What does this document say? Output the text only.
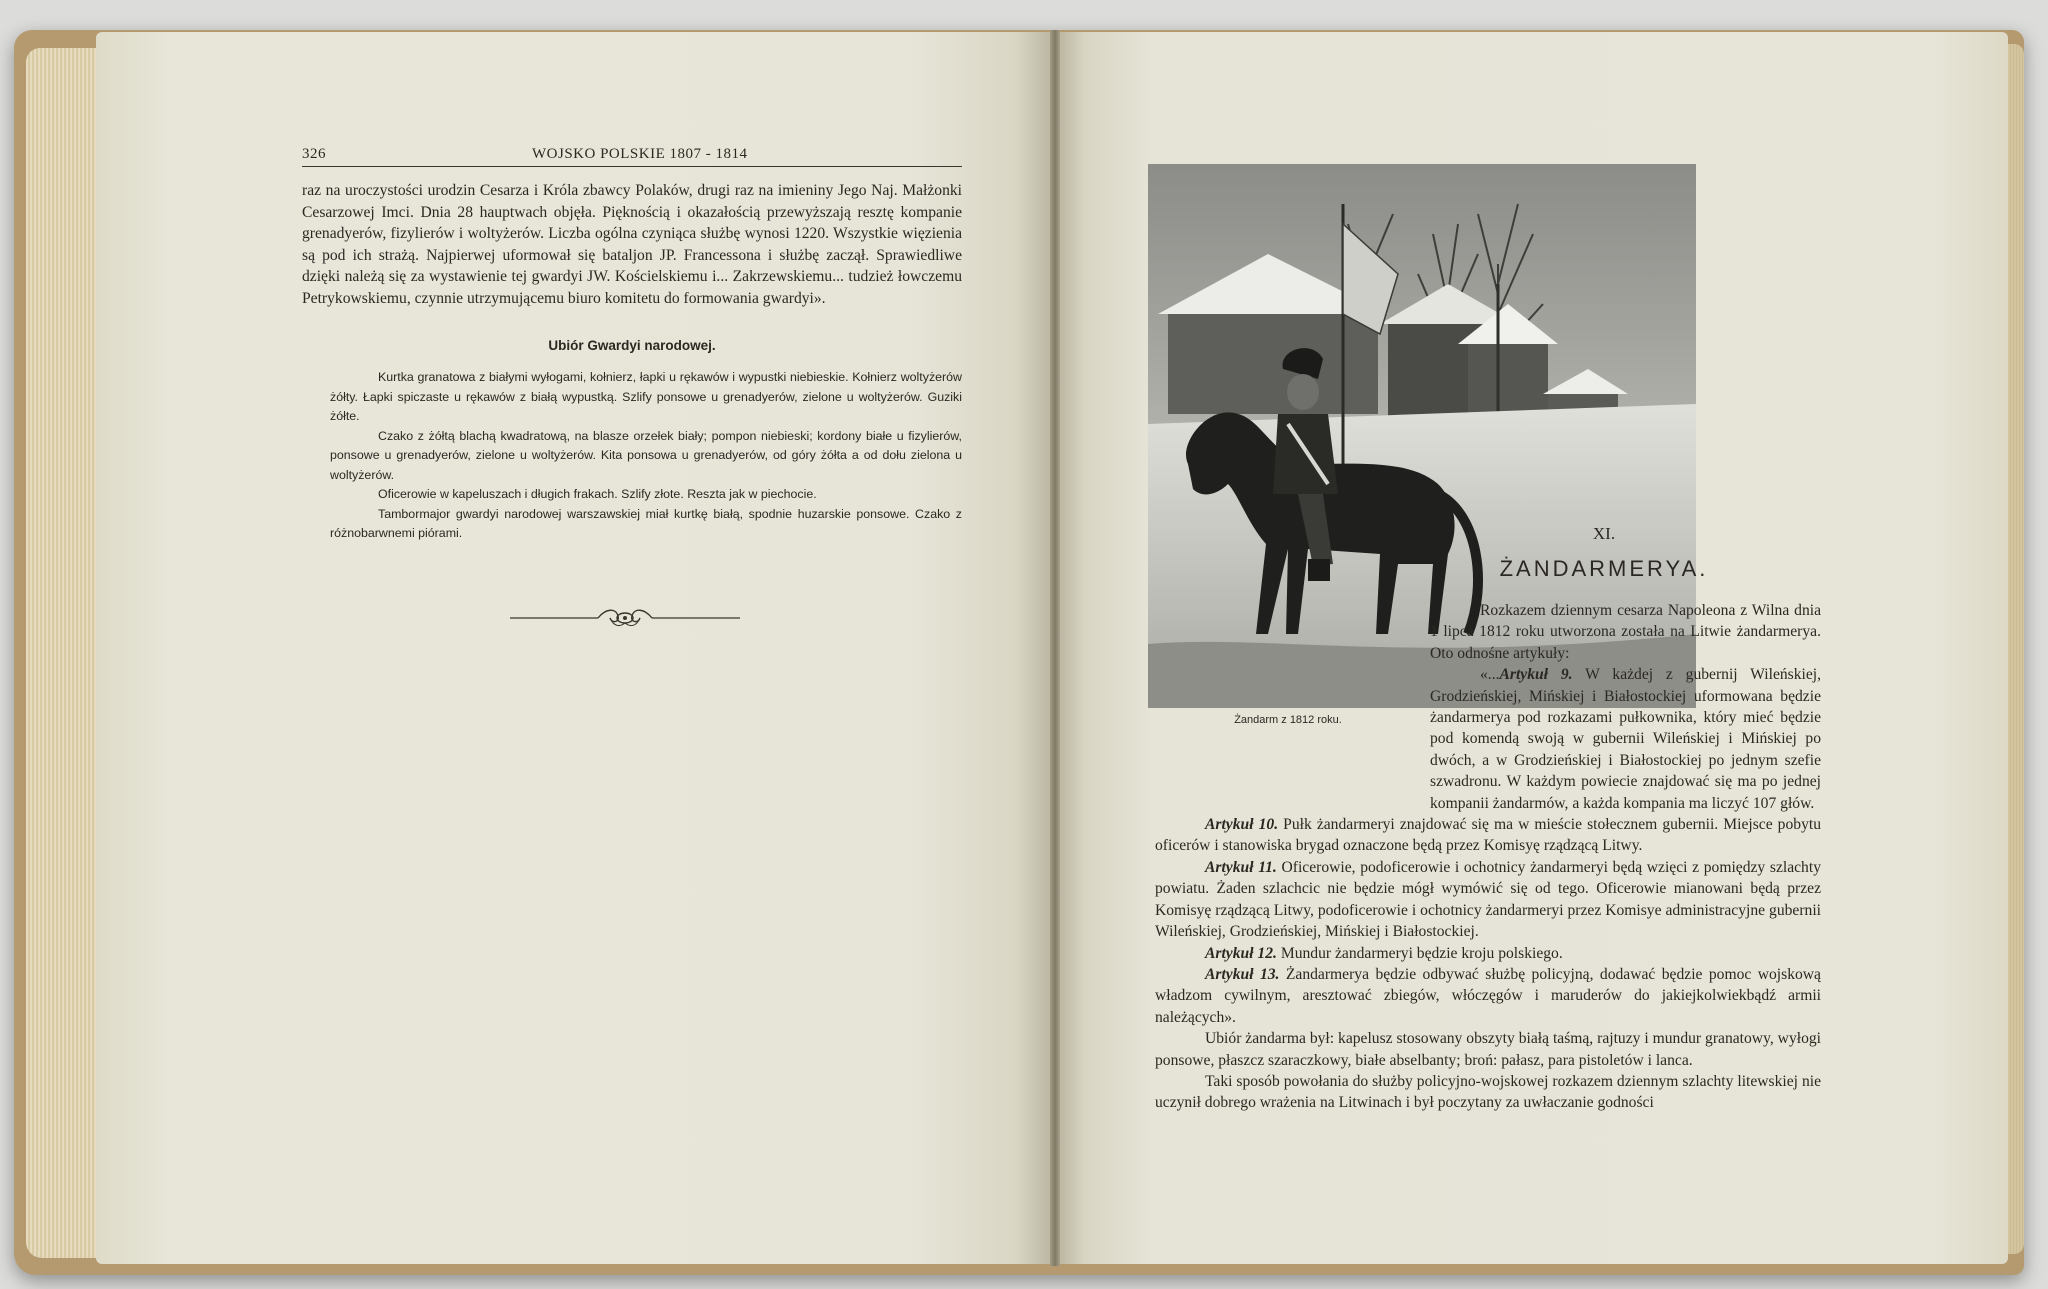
326	WOJSKO POLSKIE 1807 - 1814

raz na uroczystości urodzin Cesarza i Króla zbawcy Polaków, drugi raz na imieniny Jego Naj. Małżonki Cesarzowej Imci. Dnia 28 hauptwach objęła. Pięknością i okazałością przewyższają resztę kompanie grenadyerów, fizylierów i woltyżerów. Liczba ogólna czyniąca służbę wynosi 1220. Wszystkie więzienia są pod ich strażą. Najpierwej uformował się bataljon JP. Francessona i służbę zaczął. Sprawiedliwe dzięki należą się za wystawienie tej gwardyi JW. Kościelskiemu i... Zakrzewskiemu... tudzież łowczemu Petrykowskiemu, czynnie utrzymującemu biuro komitetu do formowania gwardyi».

Ubiór Gwardyi narodowej.

Kurtka granatowa z białymi wyłogami, kołnierz, łapki u rękawów i wypustki niebieskie. Kołnierz woltyżerów żółty. Łapki spiczaste u rękawów z białą wypustką. Szlify ponsowe u grenadyerów, zielone u woltyżerów. Guziki żółte.

Czako z żółtą blachą kwadratową, na blasze orzełek biały; pompon niebieski; kordony białe u fizylierów, ponsowe u grenadyerów, zielone u woltyżerów. Kita ponsowa u grenadyerów, od góry żółta a od dołu zielona u woltyżerów.

Oficerowie w kapeluszach i długich frakach. Szlify złote. Reszta jak w piechocie.

Tambormajor gwardyi narodowej warszawskiej miał kurtkę białą, spodnie huzarskie ponsowe. Czako z różnobarwnemi piórami.

Żandarm z 1812 roku.
XI.
ŻANDARMERYA.

Rozkazem dziennym cesarza Napoleona z Wilna dnia 1 lipca 1812 roku utworzona została na Litwie żandarmerya. Oto odnośne artykuły:

«...Artykuł 9. W każdej z gubernij Wileńskiej, Grodzieńskiej, Mińskiej i Białostockiej uformowana będzie żandarmerya pod rozkazami pułkownika, który mieć będzie pod komendą swoją w gubernii Wileńskiej i Mińskiej po dwóch, a w Grodzieńskiej i Białostockiej po jednym szefie szwadronu. W każdym powiecie znajdować się ma po jednej kompanii żandarmów, a każda kompania ma liczyć 107 głów.

Artykuł 10. Pułk żandarmeryi znajdować się ma w mieście stołecznem gubernii. Miejsce pobytu oficerów i stanowiska brygad oznaczone będą przez Komisyę rządzącą Litwy.

Artykuł 11. Oficerowie, podoficerowie i ochotnicy żandarmeryi będą wzięci z pomiędzy szlachty powiatu. Żaden szlachcic nie będzie mógł wymówić się od tego. Oficerowie mianowani będą przez Komisyę rządzącą Litwy, podoficerowie i ochotnicy żandarmeryi przez Komisye administracyjne gubernii Wileńskiej, Grodzieńskiej, Mińskiej i Białostockiej.

Artykuł 12. Mundur żandarmeryi będzie kroju polskiego.

Artykuł 13. Żandarmerya będzie odbywać służbę policyjną, dodawać będzie pomoc wojskową władzom cywilnym, aresztować zbiegów, włóczęgów i maruderów do jakiejkolwiekbądź armii należących».

Ubiór żandarma był: kapelusz stosowany obszyty białą taśmą, rajtuzy i mundur granatowy, wyłogi ponsowe, płaszcz szaraczkowy, białe abselbanty; broń: pałasz, para pistoletów i lanca.

Taki sposób powołania do służby policyjno-wojskowej rozkazem dziennym szlachty litewskiej nie uczynił dobrego wrażenia na Litwinach i był poczytany za uwłaczanie godności
